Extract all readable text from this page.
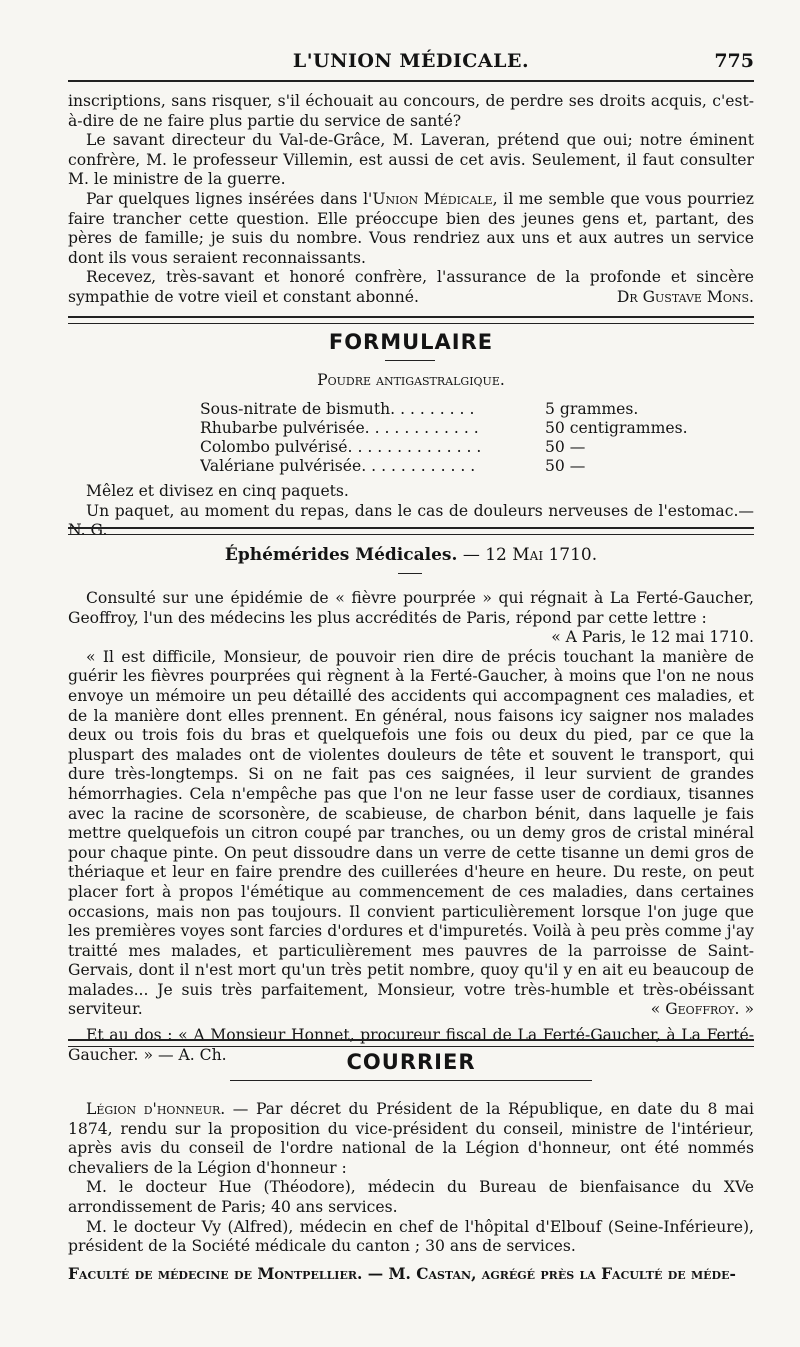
L'UNION MÉDICALE.	775

inscriptions, sans risquer, s'il échouait au concours, de perdre ses droits acquis, c'est-à-dire de ne faire plus partie du service de santé?

Le savant directeur du Val-de-Grâce, M. Laveran, prétend que oui; notre éminent confrère, M. le professeur Villemin, est aussi de cet avis. Seulement, il faut consulter M. le ministre de la guerre.

Par quelques lignes insérées dans l'Union Médicale, il me semble que vous pourriez faire trancher cette question. Elle préoccupe bien des jeunes gens et, partant, des pères de famille; je suis du nombre. Vous rendriez aux uns et aux autres un service dont ils vous seraient reconnaissants.

Recevez, très-savant et honoré confrère, l'assurance de la profonde et sincère sympathie de votre vieil et constant abonné.	Dr Gustave Mons.

FORMULAIRE
Poudre antigastralgique.
Sous-nitrate de bismuth. . . . . . . . .	5 grammes.
Rhubarbe pulvérisée. . . . . . . . . . . .	50 centigrammes.
Colombo pulvérisé. . . . . . . . . . . . . .	50 —
Valériane pulvérisée. . . . . . . . . . . .	50 —

Mêlez et divisez en cinq paquets.

Un paquet, au moment du repas, dans le cas de douleurs nerveuses de l'estomac.—N. G.

Éphémérides Médicales. — 12 Mai 1710.

Consulté sur une épidémie de « fièvre pourprée » qui régnait à La Ferté-Gaucher, Geoffroy, l'un des médecins les plus accrédités de Paris, répond par cette lettre :

« A Paris, le 12 mai 1710.

« Il est difficile, Monsieur, de pouvoir rien dire de précis touchant la manière de guérir les fièvres pourprées qui règnent à la Ferté-Gaucher, à moins que l'on ne nous envoye un mémoire un peu détaillé des accidents qui accompagnent ces maladies, et de la manière dont elles prennent. En général, nous faisons icy saigner nos malades deux ou trois fois du bras et quelquefois une fois ou deux du pied, par ce que la pluspart des malades ont de violentes douleurs de tête et souvent le transport, qui dure très-longtemps. Si on ne fait pas ces saignées, il leur survient de grandes hémorrhagies. Cela n'empêche pas que l'on ne leur fasse user de cordiaux, tisannes avec la racine de scorsonère, de scabieuse, de charbon bénit, dans laquelle je fais mettre quelquefois un citron coupé par tranches, ou un demy gros de cristal minéral pour chaque pinte. On peut dissoudre dans un verre de cette tisanne un demi gros de thériaque et leur en faire prendre des cuillerées d'heure en heure. Du reste, on peut placer fort à propos l'émétique au commencement de ces maladies, dans certaines occasions, mais non pas toujours. Il convient particulièrement lorsque l'on juge que les premières voyes sont farcies d'ordures et d'impuretés. Voilà à peu près comme j'ay traitté mes malades, et particulièrement mes pauvres de la parroisse de Saint-Gervais, dont il n'est mort qu'un très petit nombre, quoy qu'il y en ait eu beaucoup de malades... Je suis très parfaitement, Monsieur, votre très-humble et très-obéissant serviteur.	« Geoffroy. »

Et au dos : « A Monsieur Honnet, procureur fiscal de La Ferté-Gaucher, à La Ferté-Gaucher. » — A. Ch.	COURRIER

Légion d'honneur. — Par décret du Président de la République, en date du 8 mai 1874, rendu sur la proposition du vice-président du conseil, ministre de l'intérieur, après avis du conseil de l'ordre national de la Légion d'honneur, ont été nommés chevaliers de la Légion d'honneur :

M. le docteur Hue (Théodore), médecin du Bureau de bienfaisance du XVe arrondissement de Paris; 40 ans services.

M. le docteur Vy (Alfred), médecin en chef de l'hôpital d'Elbouf (Seine-Inférieure), président de la Société médicale du canton ; 30 ans de services.

Faculté de médecine de Montpellier. — M. Castan, agrégé près la Faculté de méde-
